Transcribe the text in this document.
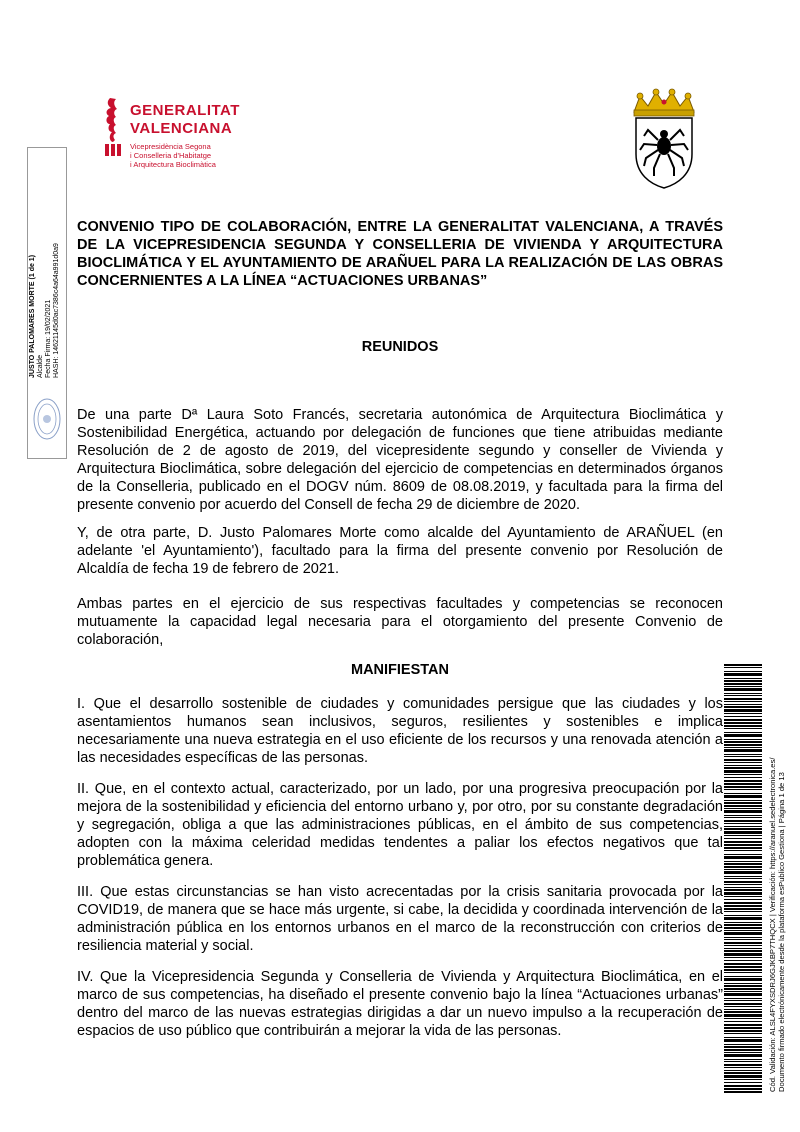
GENERALITAT
VALENCIANA
Vicepresidència Segona
i Conselleria d'Habitatge
i Arquitectura Bioclimàtica
JUSTO PALOMARES MORTE (1 de 1) Alcalde Fecha Firma: 19/02/2021 HASH: 14621145d0ac7386c4a64a991d0a9
CONVENIO TIPO DE COLABORACIÓN, ENTRE LA GENERALITAT VALENCIANA, A TRAVÉS DE LA VICEPRESIDENCIA SEGUNDA Y CONSELLERIA DE VIVIENDA Y ARQUITECTURA BIOCLIMÁTICA Y EL AYUNTAMIENTO DE ARAÑUEL PARA LA REALIZACIÓN DE LAS OBRAS CONCERNIENTES A LA LÍNEA “ACTUACIONES URBANAS”
REUNIDOS

De una parte Dª Laura Soto Francés, secretaria autonómica de Arquitectura Bioclimática y Sostenibilidad Energética, actuando por delegación de funciones que tiene atribuidas mediante Resolución de 2 de agosto de 2019, del vicepresidente segundo y conseller de Vivienda y Arquitectura Bioclimática, sobre delegación del ejercicio de competencias en determinados órganos de la Conselleria, publicado en el DOGV núm. 8609 de 08.08.2019, y facultada para la firma del presente convenio por acuerdo del Consell de fecha 29 de diciembre de 2020.

Y, de otra parte, D. Justo Palomares Morte como alcalde del Ayuntamiento de ARAÑUEL (en adelante 'el Ayuntamiento'), facultado para la firma del presente convenio por Resolución de Alcaldía de fecha 19 de febrero de 2021.

Ambas partes en el ejercicio de sus respectivas facultades y competencias se reconocen mutuamente la capacidad legal necesaria para el otorgamiento del presente Convenio de colaboración,

MANIFIESTAN

I. Que el desarrollo sostenible de ciudades y comunidades persigue que las ciudades y los asentamientos humanos sean inclusivos, seguros, resilientes y sostenibles e implica necesariamente una nueva estrategia en el uso eficiente de los recursos y una renovada atención a las necesidades específicas de las personas.

II. Que, en el contexto actual, caracterizado, por un lado, por una progresiva preocupación por la mejora de la sostenibilidad y eficiencia del entorno urbano y, por otro, por su constante degradación y segregación, obliga a que las administraciones públicas, en el ámbito de sus competencias, adopten con la máxima celeridad medidas tendentes a paliar los efectos negativos que tal problemática genera.

III. Que estas circunstancias se han visto acrecentadas por la crisis sanitaria provocada por la COVID19, de manera que se hace más urgente, si cabe, la decidida y coordinada intervención de la administración pública en los entornos urbanos en el marco de la reconstrucción con criterios de resiliencia material y social.

IV. Que la Vicepresidencia Segunda y Conselleria de Vivienda y Arquitectura Bioclimática, en el marco de sus competencias, ha diseñado el presente convenio bajo la línea “Actuaciones urbanas” dentro del marco de las nuevas estrategias dirigidas a dar un nuevo impulso a la recuperación de espacios de uso público que contribuirán a mejorar la vida de las personas.	Cód. Validación: ALSL4FYXSDRJ6GJKBP7THQCX | Verificación: https://aranuel.sedelectronica.es/ Documento firmado electrónicamente desde la plataforma esPublico Gestiona | Página 1 de 13
